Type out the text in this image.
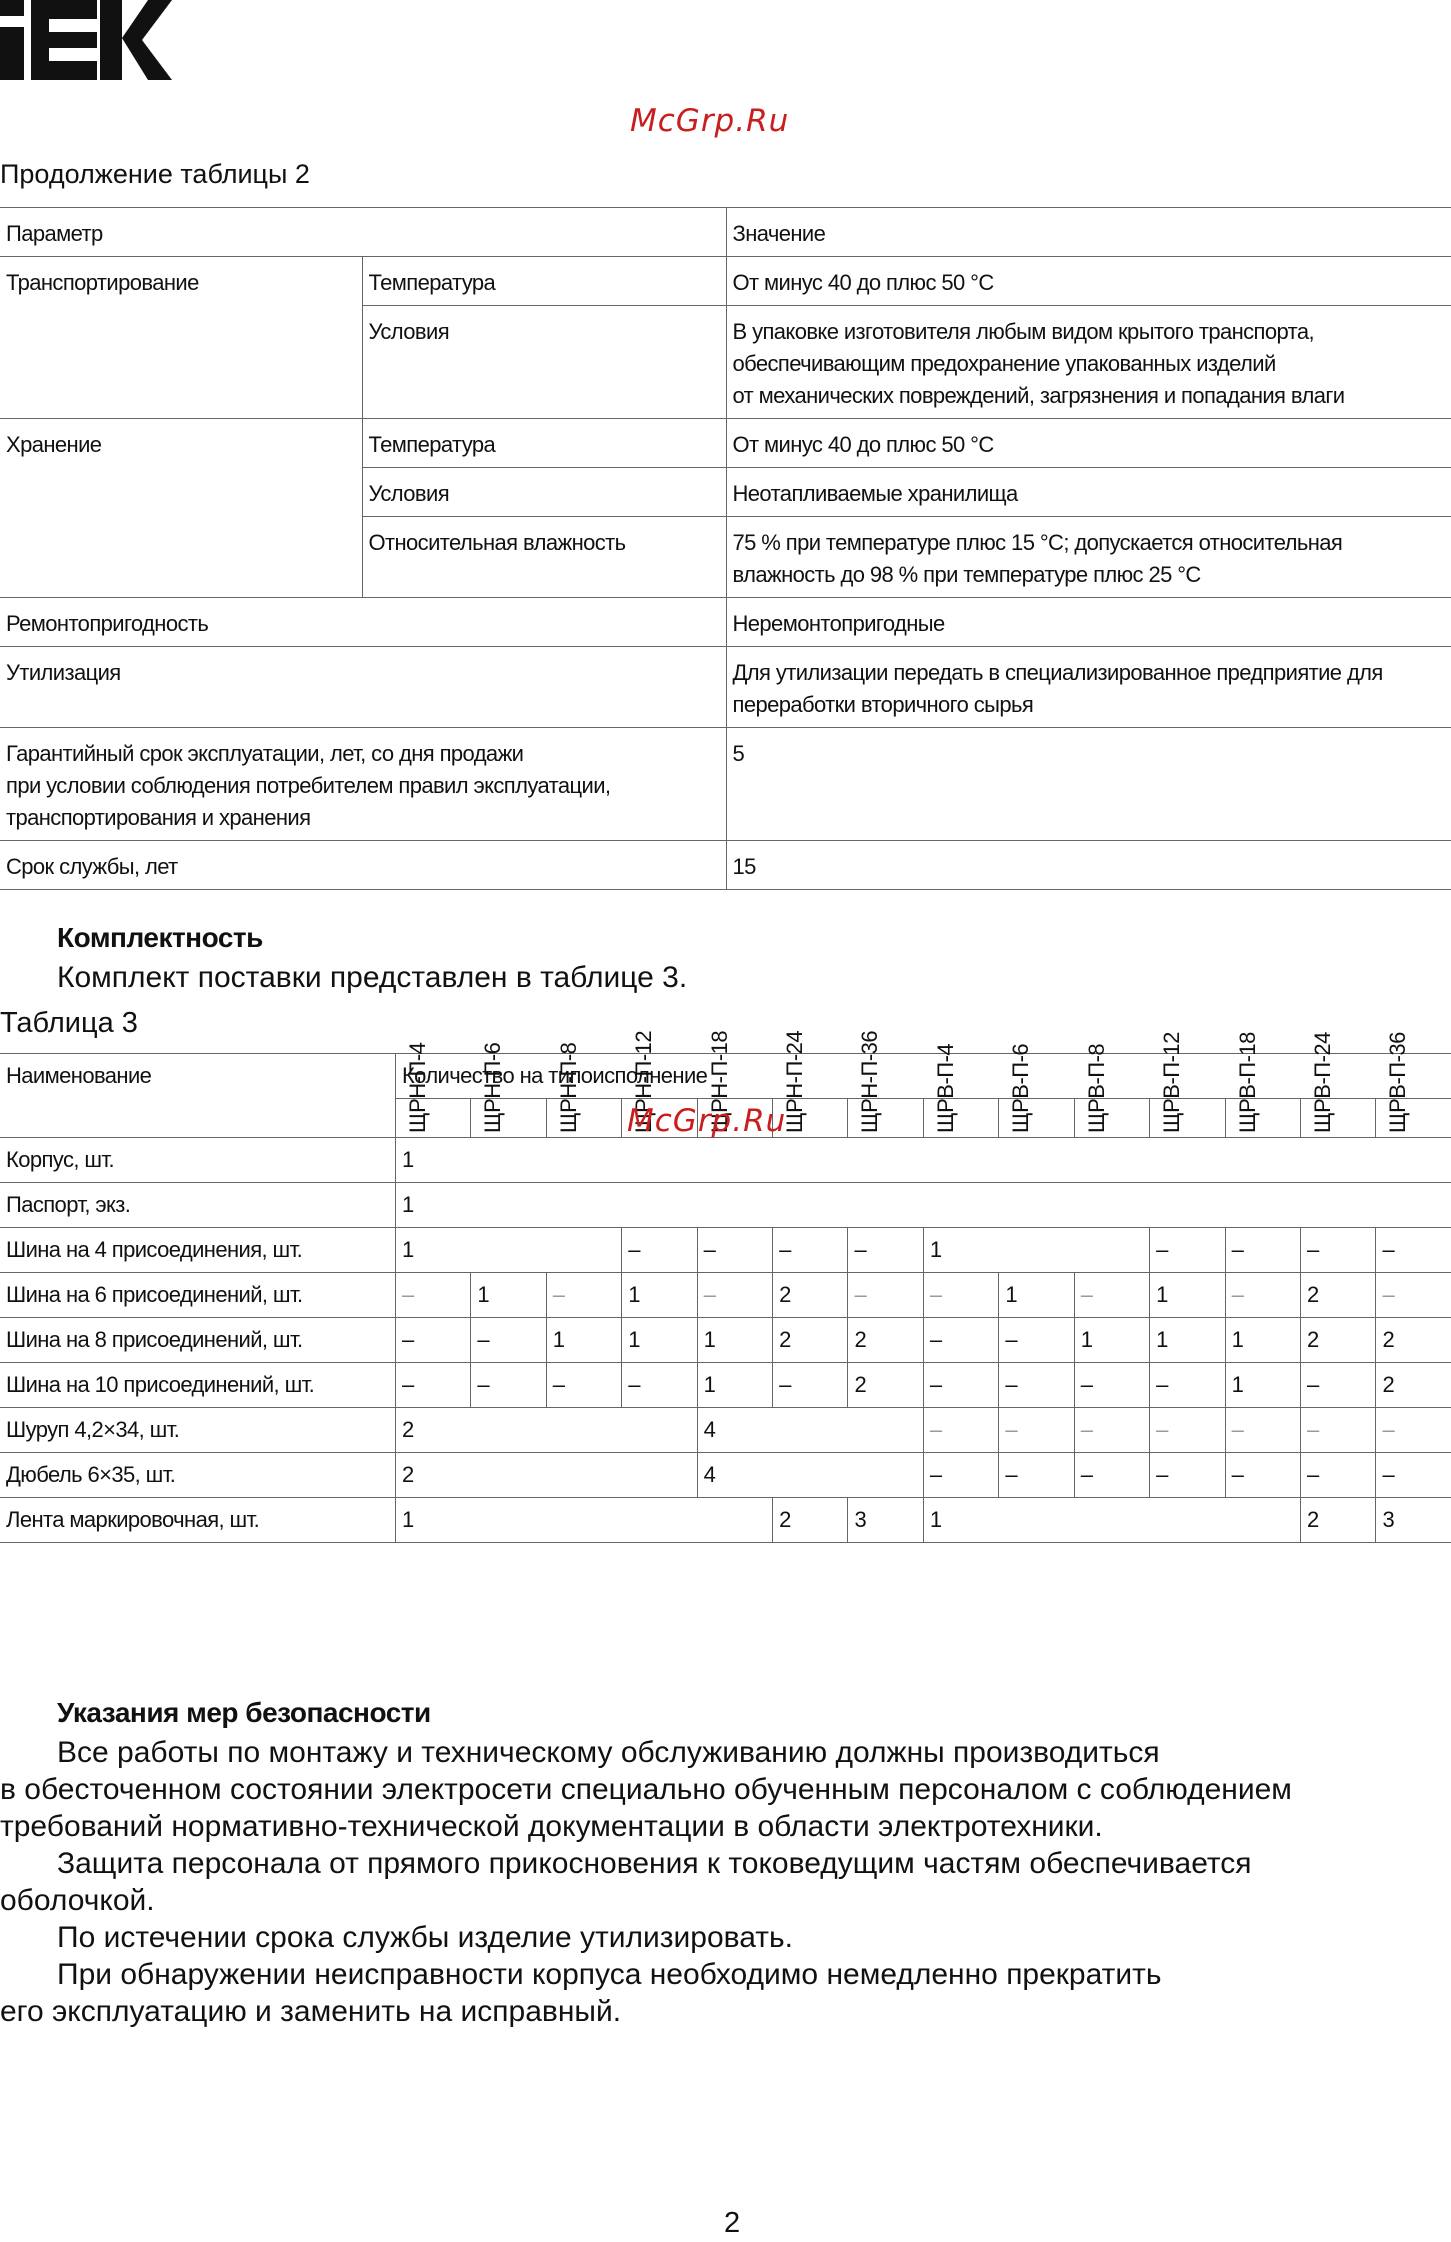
McGrp.Ru
Продолжение таблицы 2
Параметр		Значение
Транспортирование	Температура	От минус 40 до плюс 50 °С
	Условия	В упаковке изготовителя любым видом крытого транспорта,
обеспечивающим предохранение упакованных изделий
от механических повреждений, загрязнения и попадания влаги

Хранение	Температура	От минус 40 до плюс 50 °С
	Условия	Неотапливаемые хранилища
	Относительная влажность	75 % при температуре плюс 15 °С; допускается относительная
влажность до 98 % при температуре плюс 25 °С

Ремонтопригодность		Неремонтопригодные
Утилизация		Для утилизации передать в специализированное предприятие для
переработки вторичного сырья

Гарантийный срок эксплуатации, лет, со дня продажи
при условии соблюдения потребителем правил эксплуатации,
транспортирования и хранения		5
Срок службы, лет		15
Комплектность
Комплект поставки представлен в таблице 3.
Таблица 3
Наименование	Количество на типоисполнение													

	ЩРН-П-4	ЩРН-П-6	ЩРН-П-8	ЩРН-П-12	ЩРН-П-18	ЩРН-П-24	ЩРН-П-36	ЩРВ-П-4	ЩРВ-П-6	ЩРВ-П-8	ЩРВ-П-12	ЩРВ-П-18	ЩРВ-П-24	ЩРВ-П-36

Корпус, шт.	1													
Паспорт, экз.	1													
Шина на 4 присоединения, шт.	1			–	–	–	–	1			–	–	–	–
Шина на 6 присоединений, шт.	–	1	–	1	–	2	–	–	1	–	1	–	2	–
Шина на 8 присоединений, шт.	–	–	1	1	1	2	2	–	–	1	1	1	2	2
Шина на 10 присоединений, шт.	–	–	–	–	1	–	2	–	–	–	–	1	–	2
Шуруп 4,2×34, шт.	2				4			–	–	–	–	–	–	–
Дюбель 6×35, шт.	2				4			–	–	–	–	–	–	–
Лента маркировочная, шт.	1					2	3	1					2	3
McGrp.Ru
Указания мер безопасности
Все работы по монтажу и техническому обслуживанию должны производиться
в обесточенном состоянии электросети специально обученным персоналом с соблюдением
требований нормативно-технической документации в области электротехники.
Защита персонала от прямого прикосновения к токоведущим частям обеспечивается
оболочкой.
По истечении срока службы изделие утилизировать.
При обнаружении неисправности корпуса необходимо немедленно прекратить
его эксплуатацию и заменить на исправный.
2
